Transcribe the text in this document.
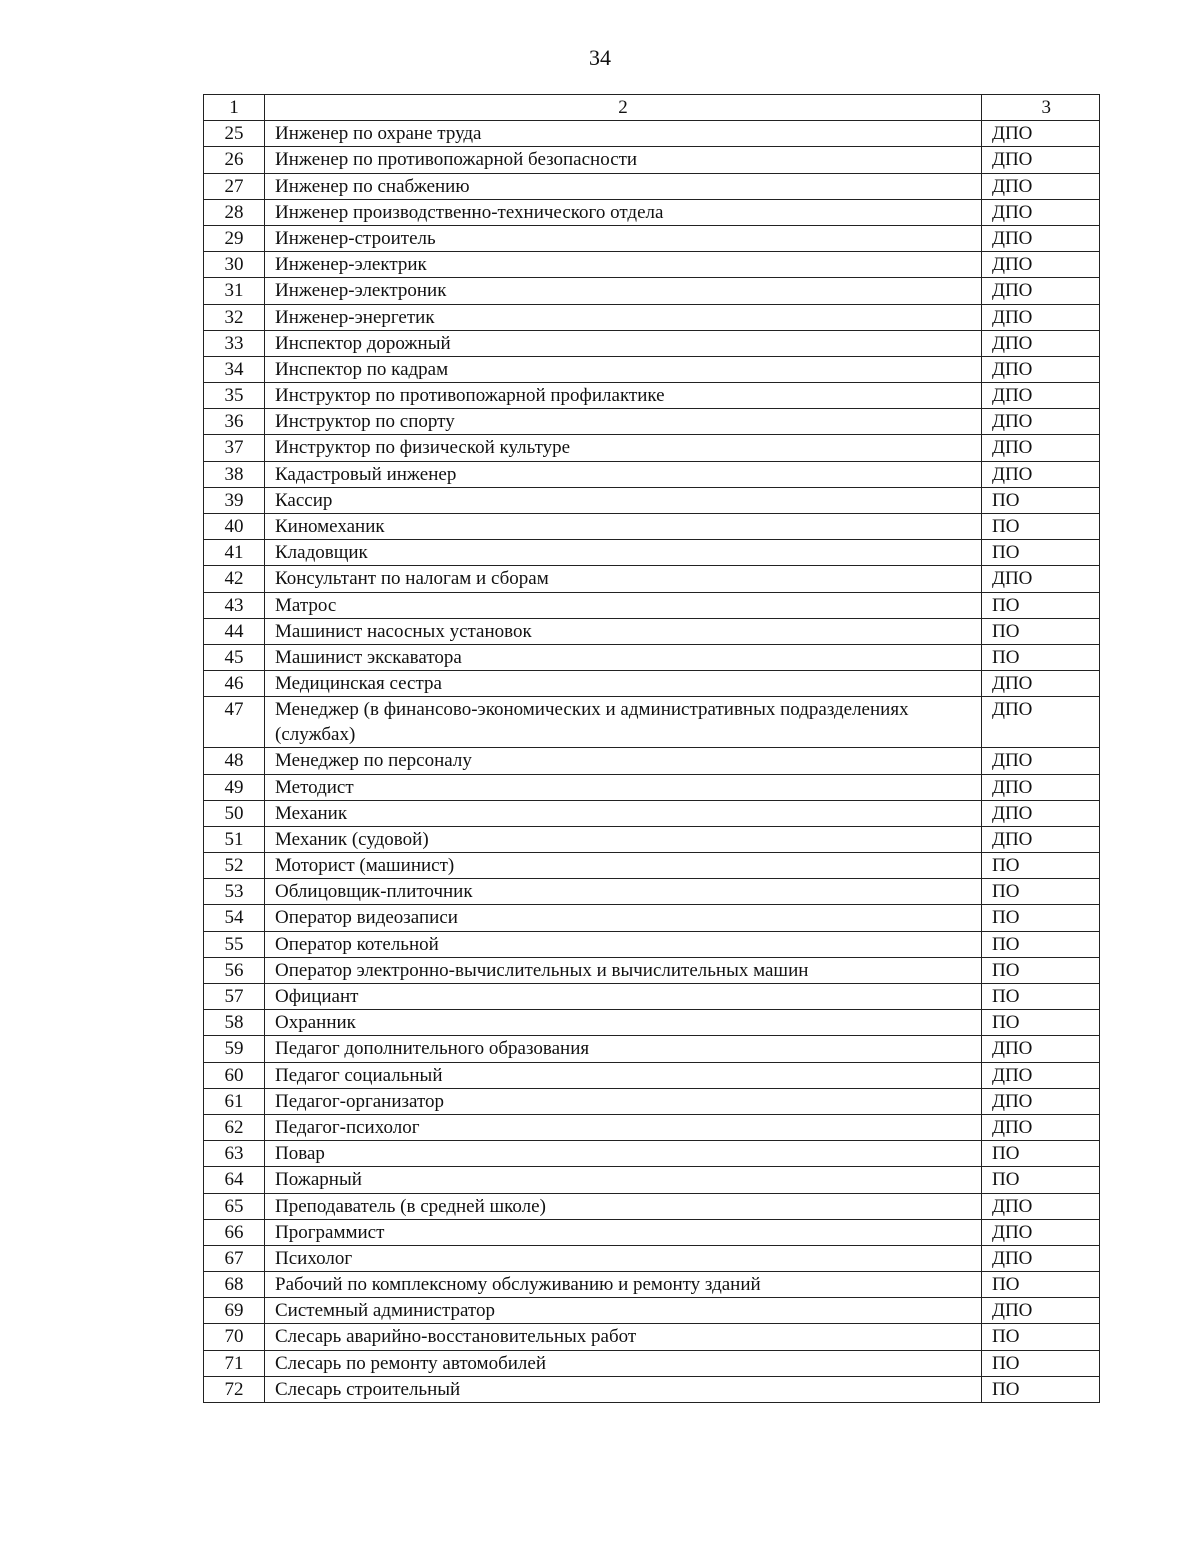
34
1	2	3
25	Инженер по охране труда	ДПО
26	Инженер по противопожарной безопасности	ДПО
27	Инженер по снабжению	ДПО
28	Инженер производственно-технического отдела	ДПО
29	Инженер-строитель	ДПО
30	Инженер-электрик	ДПО
31	Инженер-электроник	ДПО
32	Инженер-энергетик	ДПО
33	Инспектор дорожный	ДПО
34	Инспектор по кадрам	ДПО
35	Инструктор по противопожарной профилактике	ДПО
36	Инструктор по спорту	ДПО
37	Инструктор по физической культуре	ДПО
38	Кадастровый инженер	ДПО
39	Кассир	ПО
40	Киномеханик	ПО
41	Кладовщик	ПО
42	Консультант по налогам и сборам	ДПО
43	Матрос	ПО
44	Машинист насосных установок	ПО
45	Машинист экскаватора	ПО
46	Медицинская сестра	ДПО
47	Менеджер (в финансово-экономических и административных подразделениях (службах)	ДПО
48	Менеджер по персоналу	ДПО
49	Методист	ДПО
50	Механик	ДПО
51	Механик (судовой)	ДПО
52	Моторист (машинист)	ПО
53	Облицовщик-плиточник	ПО
54	Оператор видеозаписи	ПО
55	Оператор котельной	ПО
56	Оператор электронно-вычислительных и вычислительных машин	ПО
57	Официант	ПО
58	Охранник	ПО
59	Педагог дополнительного образования	ДПО
60	Педагог социальный	ДПО
61	Педагог-организатор	ДПО
62	Педагог-психолог	ДПО
63	Повар	ПО
64	Пожарный	ПО
65	Преподаватель (в средней школе)	ДПО
66	Программист	ДПО
67	Психолог	ДПО
68	Рабочий по комплексному обслуживанию и ремонту зданий	ПО
69	Системный администратор	ДПО
70	Слесарь аварийно-восстановительных работ	ПО
71	Слесарь по ремонту автомобилей	ПО
72	Слесарь строительный	ПО
